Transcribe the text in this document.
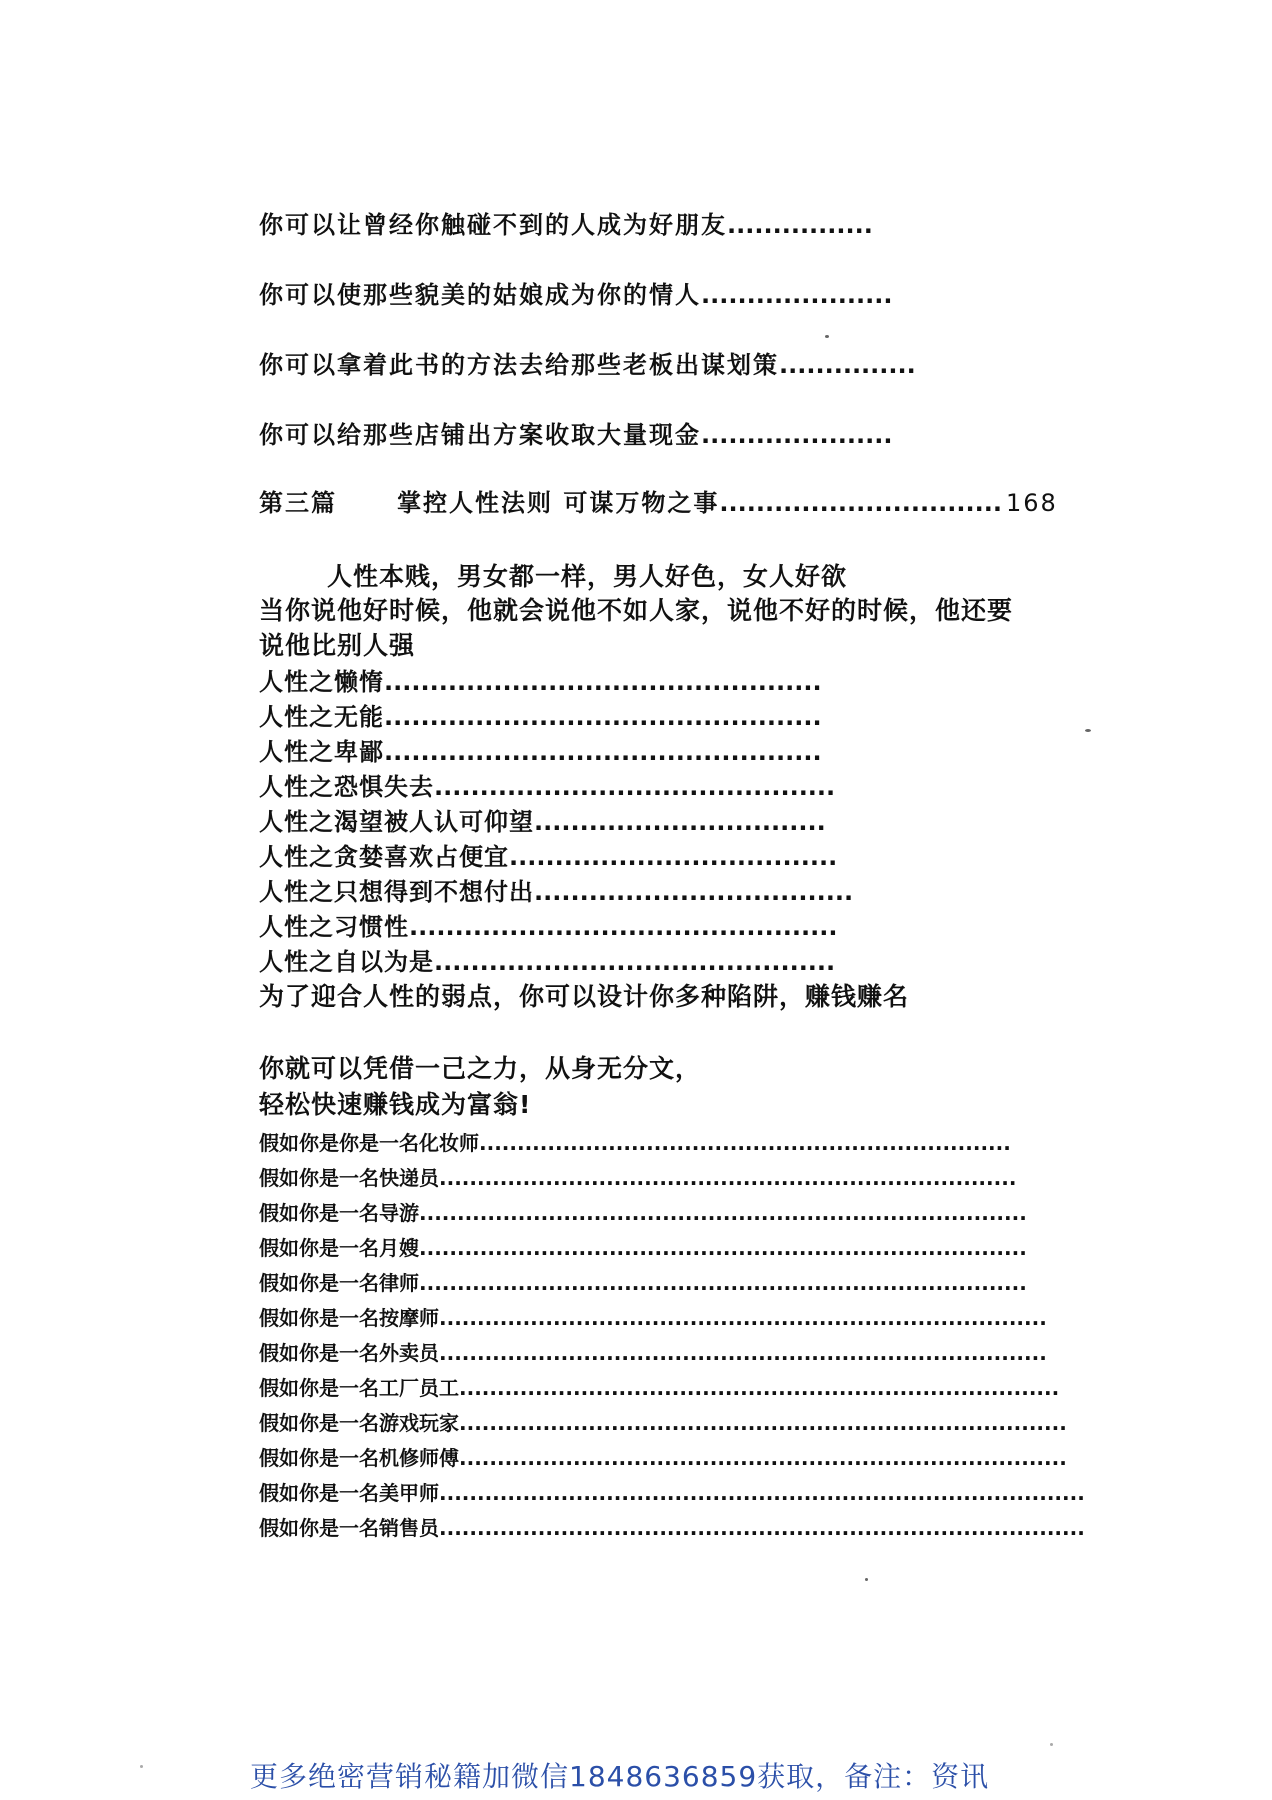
你可以让曾经你触碰不到的人成为好朋友................
你可以使那些貌美的姑娘成为你的情人.....................
你可以拿着此书的方法去给那些老板出谋划策...............
你可以给那些店铺出方案收取大量现金.....................
第三篇	掌控人性法则 可谋万物之事............................... 168
人性本贱，男女都一样，男人好色，女人好欲
当你说他好时候，他就会说他不如人家，说他不好的时候，他还要
说他比别人强
人性之懒惰................................................
人性之无能................................................
人性之卑鄙................................................
人性之恐惧失去............................................
人性之渴望被人认可仰望................................
人性之贪婪喜欢占便宜....................................
人性之只想得到不想付出...................................
人性之习惯性...............................................
人性之自以为是............................................
为了迎合人性的弱点，你可以设计你多种陷阱，赚钱赚名
你就可以凭借一己之力，从身无分文，
轻松快速赚钱成为富翁!
假如你是你是一名化妆师......................................................................
假如你是一名快递员............................................................................
假如你是一名导游................................................................................
假如你是一名月嫂................................................................................
假如你是一名律师................................................................................
假如你是一名按摩师................................................................................
假如你是一名外卖员................................................................................
假如你是一名工厂员工...............................................................................
假如你是一名游戏玩家................................................................................
假如你是一名机修师傅................................................................................
假如你是一名美甲师.....................................................................................
假如你是一名销售员.....................................................................................
更多绝密营销秘籍加微信1848636859获取，备注：资讯
